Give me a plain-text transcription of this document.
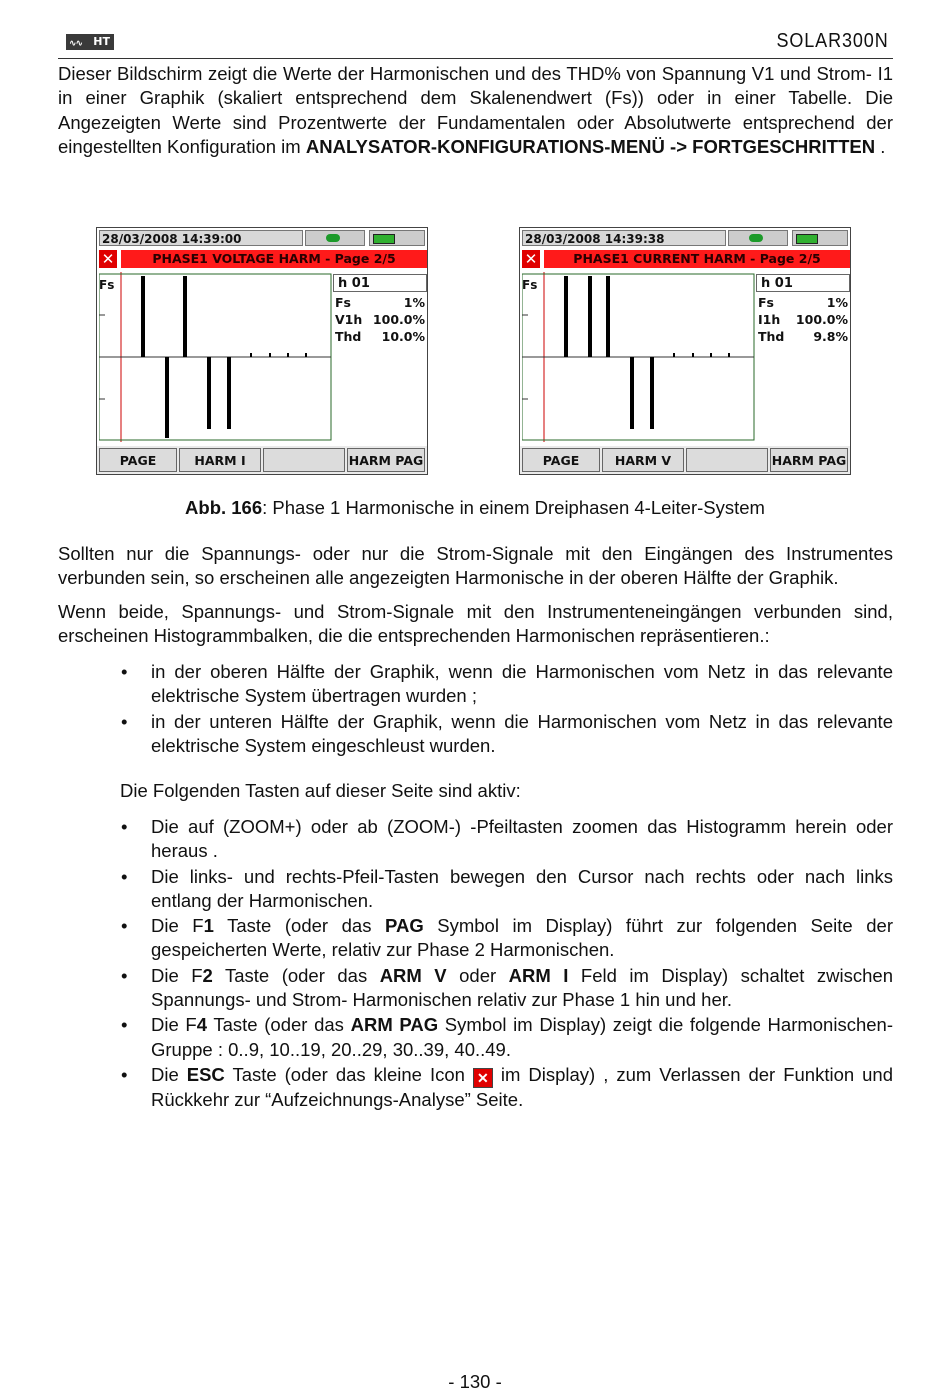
∿∿ HT	SOLAR300N

Dieser Bildschirm zeigt die Werte der Harmonischen und des THD% von Spannung V1 und Strom- I1 in einer Graphik (skaliert entsprechend dem Skalenendwert (Fs)) oder in einer Tabelle. Die Angezeigten Werte sind Prozentwerte der Fundamentalen oder Absolutwerte entsprechend der eingestellten Konfiguration im ANALYSATOR-KONFIGURATIONS-MENÜ -> FORTGESCHRITTEN .

28/03/2008 14:39:00
✕	PHASE1 VOLTAGE HARM - Page 2/5
Fs	h 01
Fs	1%
V1h 100.0%
Thd 10.0%
PAGE	HARM I	HARM PAG
28/03/2008 14:39:38
✕	PHASE1 CURRENT HARM - Page 2/5
Fs	h 01
Fs	1%
I1h 100.0%
Thd 9.8%
PAGE	HARM V	HARM PAG
Abb. 166: Phase 1 Harmonische in einem Dreiphasen 4-Leiter-System

Sollten nur die Spannungs- oder nur die Strom-Signale mit den Eingängen des Instrumentes verbunden sein, so erscheinen alle angezeigten Harmonische in der oberen Hälfte der Graphik.

Wenn beide, Spannungs- und Strom-Signale mit den Instrumenteneingängen verbunden sind, erscheinen Histogrammbalken, die die entsprechenden Harmonischen repräsentieren.:

• in der oberen Hälfte der Graphik, wenn die Harmonischen vom Netz in das relevante elektrische System übertragen wurden ;
• in der unteren Hälfte der Graphik, wenn die Harmonischen vom Netz in das relevante elektrische System eingeschleust wurden.

Die Folgenden Tasten auf dieser Seite sind aktiv:

• Die auf (ZOOM+) oder ab (ZOOM-) -Pfeiltasten zoomen das Histogramm herein oder heraus .
• Die links- und rechts-Pfeil-Tasten bewegen den Cursor nach rechts oder nach links entlang der Harmonischen.
• Die F1 Taste (oder das PAG Symbol im Display) führt zur folgenden Seite der gespeicherten Werte, relativ zur Phase 2 Harmonischen.
• Die F2 Taste (oder das ARM V oder ARM I Feld im Display) schaltet zwischen Spannungs- und Strom- Harmonischen relativ zur Phase 1 hin und her.
• Die F4 Taste (oder das ARM PAG Symbol im Display) zeigt die folgende Harmonischen-Gruppe : 0..9, 10..19, 20..29, 30..39, 40..49.
• Die ESC Taste (oder das kleine Icon ✕ im Display) , zum Verlassen der Funktion und Rückkehr zur “Aufzeichnungs-Analyse” Seite.
- 130 -
